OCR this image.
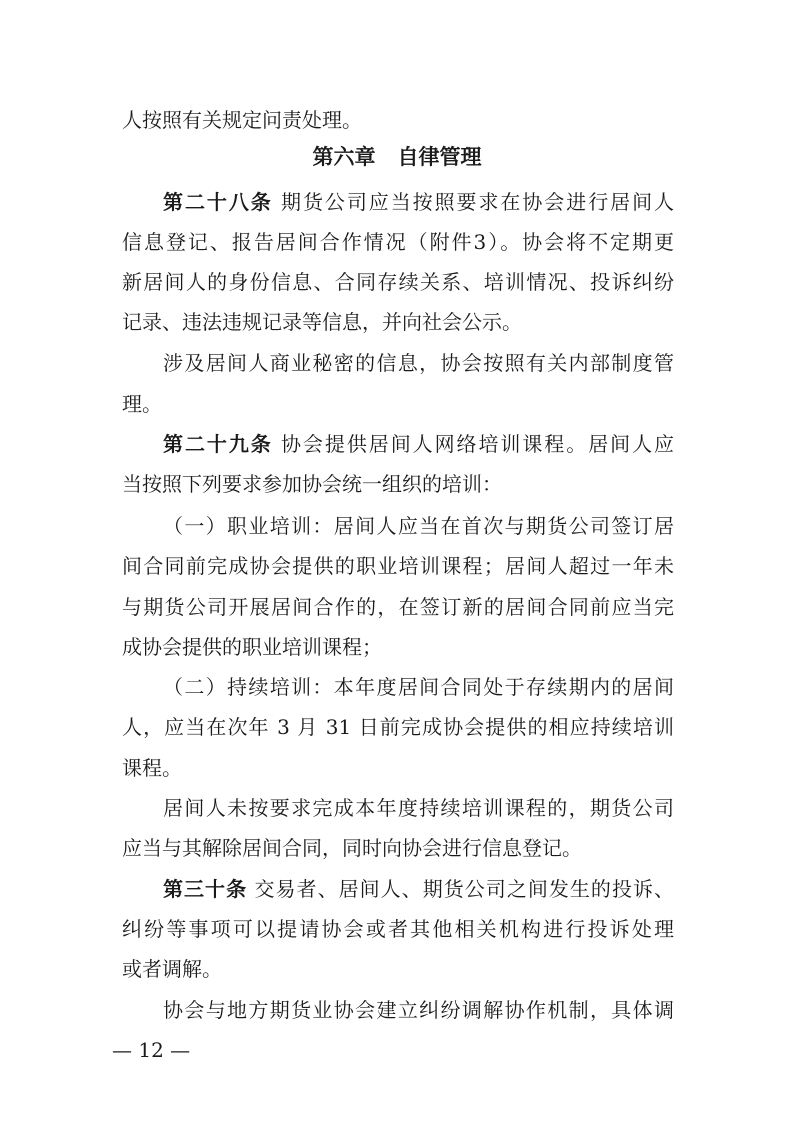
人按照有关规定问责处理。
第六章   自律管理
第二十八条 期货公司应当按照要求在协会进行居间人
信息登记、报告居间合作情况（附件3）。协会将不定期更
新居间人的身份信息、合同存续关系、培训情况、投诉纠纷
记录、违法违规记录等信息，并向社会公示。
涉及居间人商业秘密的信息，协会按照有关内部制度管
理。
第二十九条 协会提供居间人网络培训课程。居间人应
当按照下列要求参加协会统一组织的培训：
（一）职业培训：居间人应当在首次与期货公司签订居
间合同前完成协会提供的职业培训课程；居间人超过一年未
与期货公司开展居间合作的，在签订新的居间合同前应当完
成协会提供的职业培训课程；
（二）持续培训：本年度居间合同处于存续期内的居间
人，应当在次年 3 月 31 日前完成协会提供的相应持续培训
课程。
居间人未按要求完成本年度持续培训课程的，期货公司
应当与其解除居间合同，同时向协会进行信息登记。
第三十条 交易者、居间人、期货公司之间发生的投诉、
纠纷等事项可以提请协会或者其他相关机构进行投诉处理
或者调解。
协会与地方期货业协会建立纠纷调解协作机制，具体调
— 12 —
